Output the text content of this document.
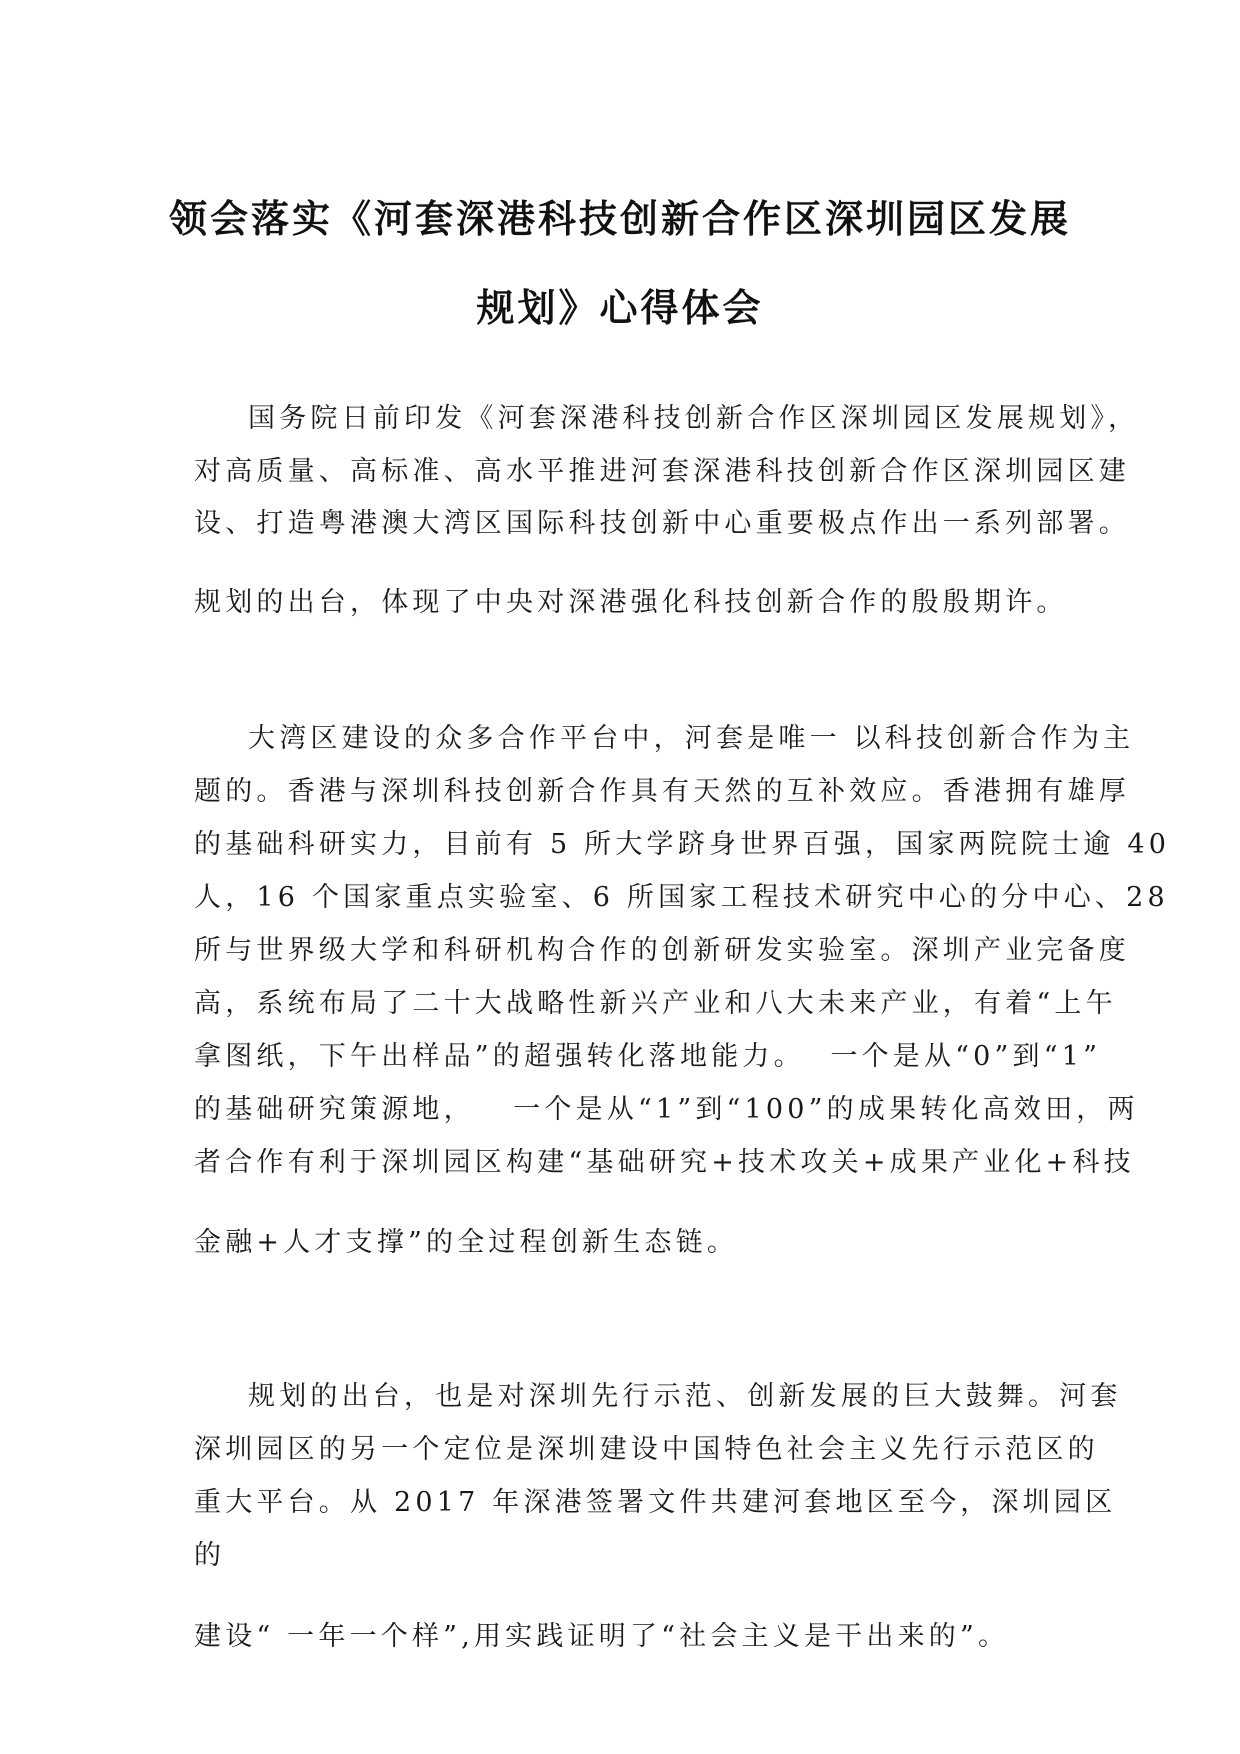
领会落实《河套深港科技创新合作区深圳园区发展
规划》心得体会
国务院日前印发《河套深港科技创新合作区深圳园区发展规划》，
对高质量、高标准、高水平推进河套深港科技创新合作区深圳园区建
设、打造粤港澳大湾区国际科技创新中心重要极点作出一系列部署。
规划的出台，体现了中央对深港强化科技创新合作的殷殷期许。
大湾区建设的众多合作平台中，河套是唯一 以科技创新合作为主
题的。香港与深圳科技创新合作具有天然的互补效应。香港拥有雄厚
的基础科研实力，目前有 5 所大学跻身世界百强，国家两院院士逾 40
人，16 个国家重点实验室、6 所国家工程技术研究中心的分中心、28
所与世界级大学和科研机构合作的创新研发实验室。深圳产业完备度
高，系统布局了二十大战略性新兴产业和八大未来产业，有着“上午
拿图纸，下午出样品”的超强转化落地能力。  一个是从“0”到“1”
的基础研究策源地，   一个是从“1”到“100”的成果转化高效田，两
者合作有利于深圳园区构建“基础研究+技术攻关+成果产业化+科技
金融+人才支撑”的全过程创新生态链。
规划的出台，也是对深圳先行示范、创新发展的巨大鼓舞。河套
深圳园区的另一个定位是深圳建设中国特色社会主义先行示范区的
重大平台。从 2017 年深港签署文件共建河套地区至今，深圳园区
的
建设“ 一年一个样”,用实践证明了“社会主义是干出来的”。
